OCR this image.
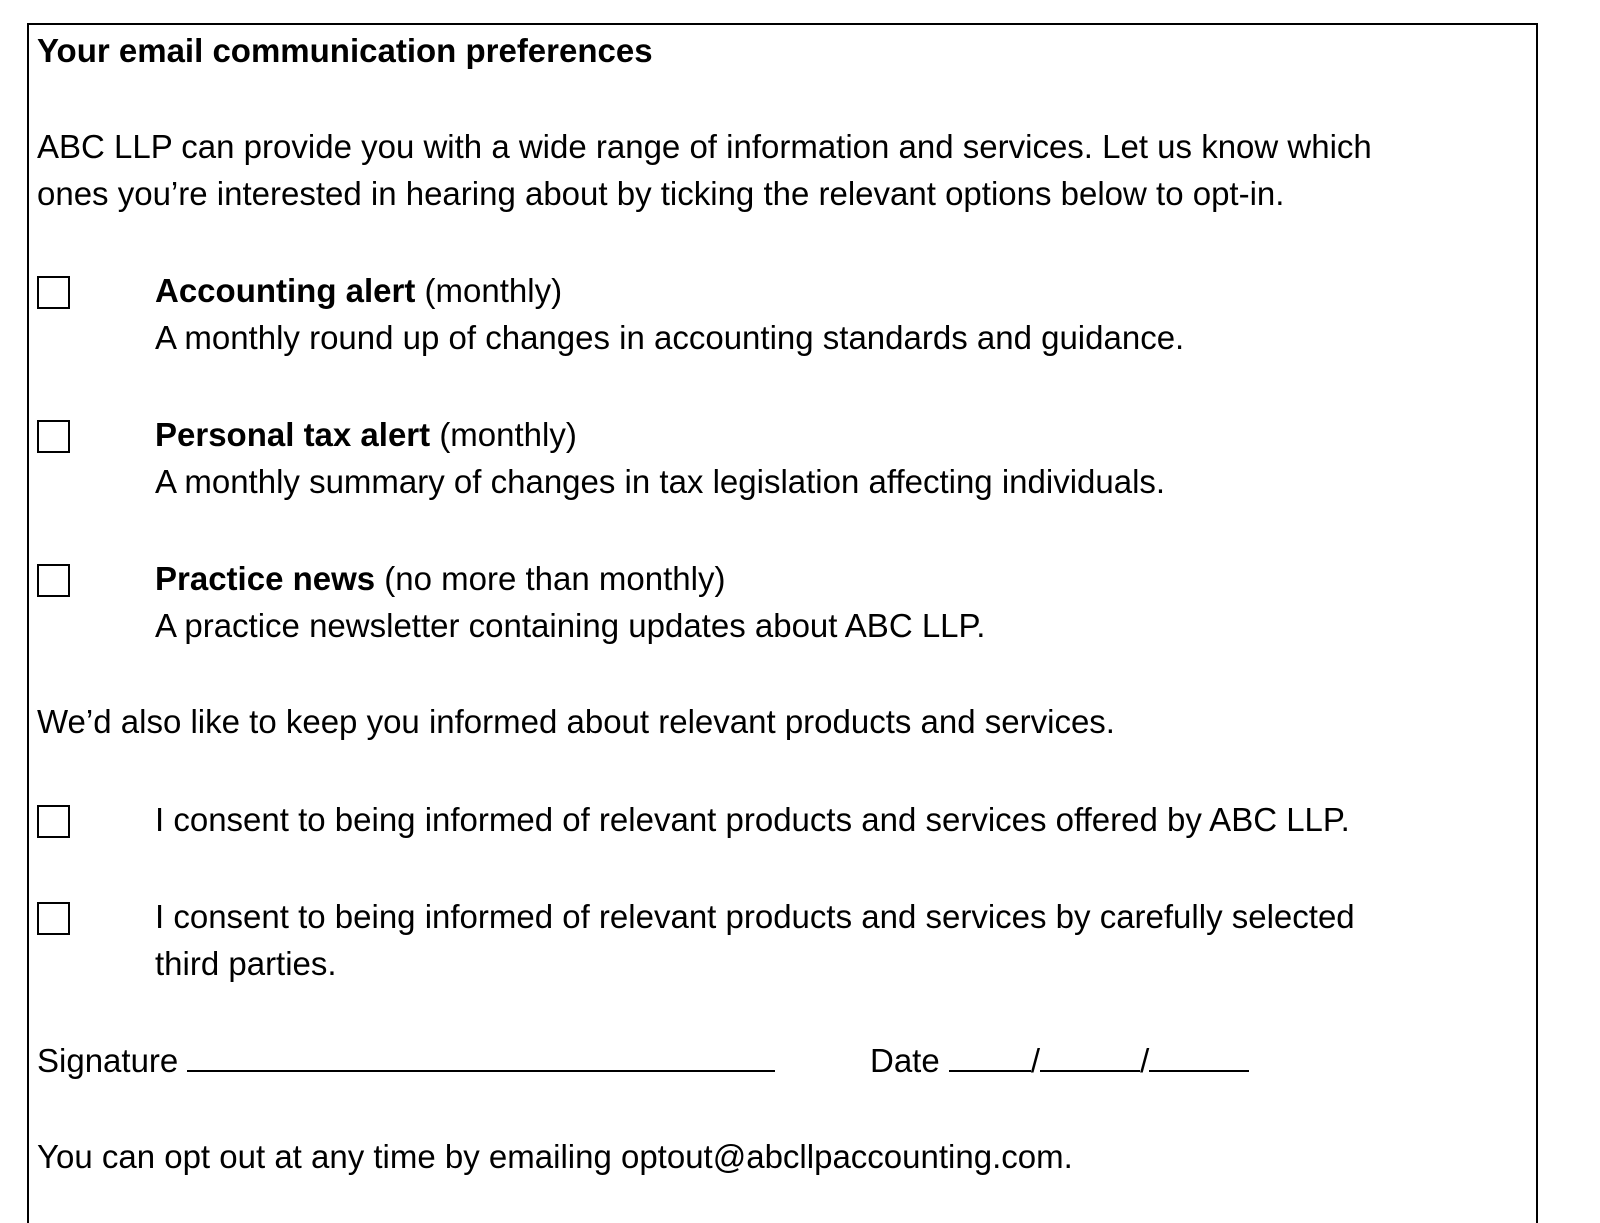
Your email communication preferences
ABC LLP can provide you with a wide range of information and services. Let us know which
ones you’re interested in hearing about by ticking the relevant options below to opt-in.
Accounting alert (monthly)
A monthly round up of changes in accounting standards and guidance.
Personal tax alert (monthly)
A monthly summary of changes in tax legislation affecting individuals.
Practice news (no more than monthly)
A practice newsletter containing updates about ABC LLP.
We’d also like to keep you informed about relevant products and services.
I consent to being informed of relevant products and services offered by ABC LLP.
I consent to being informed of relevant products and services by carefully selected
third parties.
Signature	Date	/	/
You can opt out at any time by emailing optout@abcllpaccounting.com.
